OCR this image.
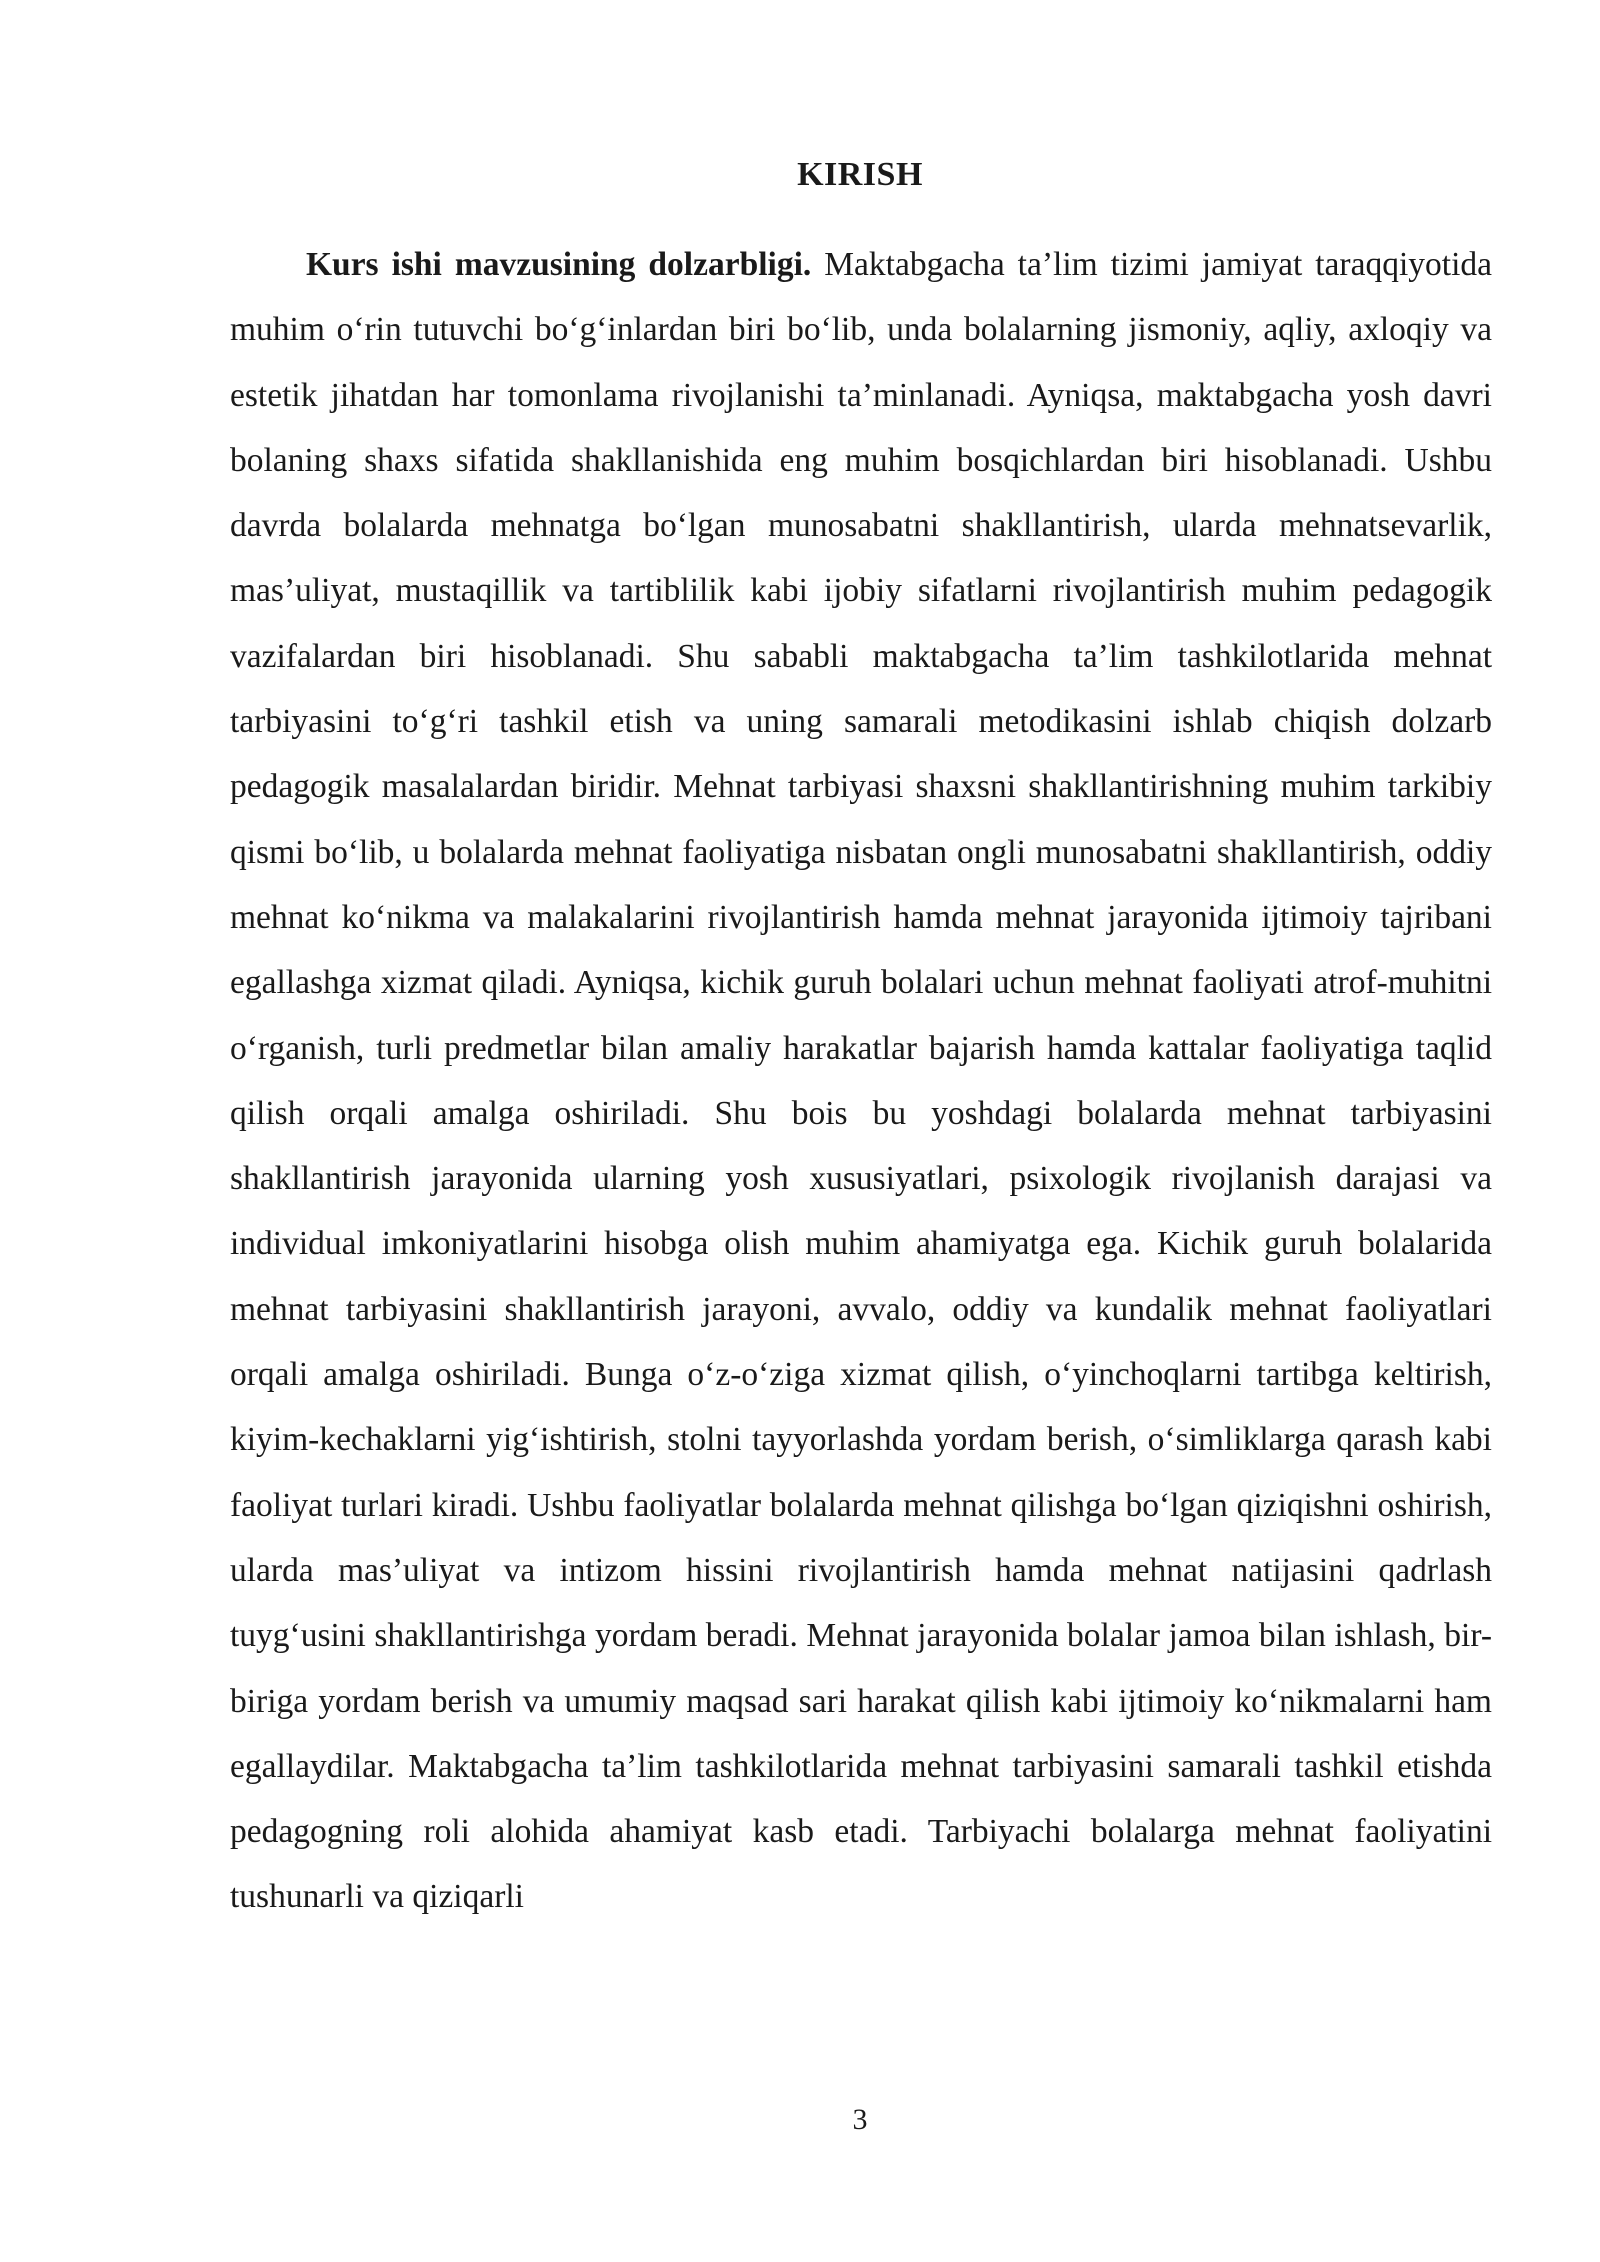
KIRISH

Kurs ishi mavzusining dolzarbligi. Maktabgacha ta’lim tizimi jamiyat taraqqiyotida muhim o‘rin tutuvchi bo‘g‘inlardan biri bo‘lib, unda bolalarning jismoniy, aqliy, axloqiy va estetik jihatdan har tomonlama rivojlanishi ta’minlanadi. Ayniqsa, maktabgacha yosh davri bolaning shaxs sifatida shakllanishida eng muhim bosqichlardan biri hisoblanadi. Ushbu davrda bolalarda mehnatga bo‘lgan munosabatni shakllantirish, ularda mehnatsevarlik, mas’uliyat, mustaqillik va tartiblilik kabi ijobiy sifatlarni rivojlantirish muhim pedagogik vazifalardan biri hisoblanadi. Shu sababli maktabgacha ta’lim tashkilotlarida mehnat tarbiyasini to‘g‘ri tashkil etish va uning samarali metodikasini ishlab chiqish dolzarb pedagogik masalalardan biridir. Mehnat tarbiyasi shaxsni shakllantirishning muhim tarkibiy qismi bo‘lib, u bolalarda mehnat faoliyatiga nisbatan ongli munosabatni shakllantirish, oddiy mehnat ko‘nikma va malakalarini rivojlantirish hamda mehnat jarayonida ijtimoiy tajribani egallashga xizmat qiladi. Ayniqsa, kichik guruh bolalari uchun mehnat faoliyati atrof-muhitni o‘rganish, turli predmetlar bilan amaliy harakatlar bajarish hamda kattalar faoliyatiga taqlid qilish orqali amalga oshiriladi. Shu bois bu yoshdagi bolalarda mehnat tarbiyasini shakllantirish jarayonida ularning yosh xususiyatlari, psixologik rivojlanish darajasi va individual imkoniyatlarini hisobga olish muhim ahamiyatga ega. Kichik guruh bolalarida mehnat tarbiyasini shakllantirish jarayoni, avvalo, oddiy va kundalik mehnat faoliyatlari orqali amalga oshiriladi. Bunga o‘z-o‘ziga xizmat qilish, o‘yinchoqlarni tartibga keltirish, kiyim-kechaklarni yig‘ishtirish, stolni tayyorlashda yordam berish, o‘simliklarga qarash kabi faoliyat turlari kiradi. Ushbu faoliyatlar bolalarda mehnat qilishga bo‘lgan qiziqishni oshirish, ularda mas’uliyat va intizom hissini rivojlantirish hamda mehnat natijasini qadrlash tuyg‘usini shakllantirishga yordam beradi. Mehnat jarayonida bolalar jamoa bilan ishlash, bir-biriga yordam berish va umumiy maqsad sari harakat qilish kabi ijtimoiy ko‘nikmalarni ham egallaydilar. Maktabgacha ta’lim tashkilotlarida mehnat tarbiyasini samarali tashkil etishda pedagogning roli alohida ahamiyat kasb etadi. Tarbiyachi bolalarga mehnat faoliyatini tushunarli va qiziqarli

3
